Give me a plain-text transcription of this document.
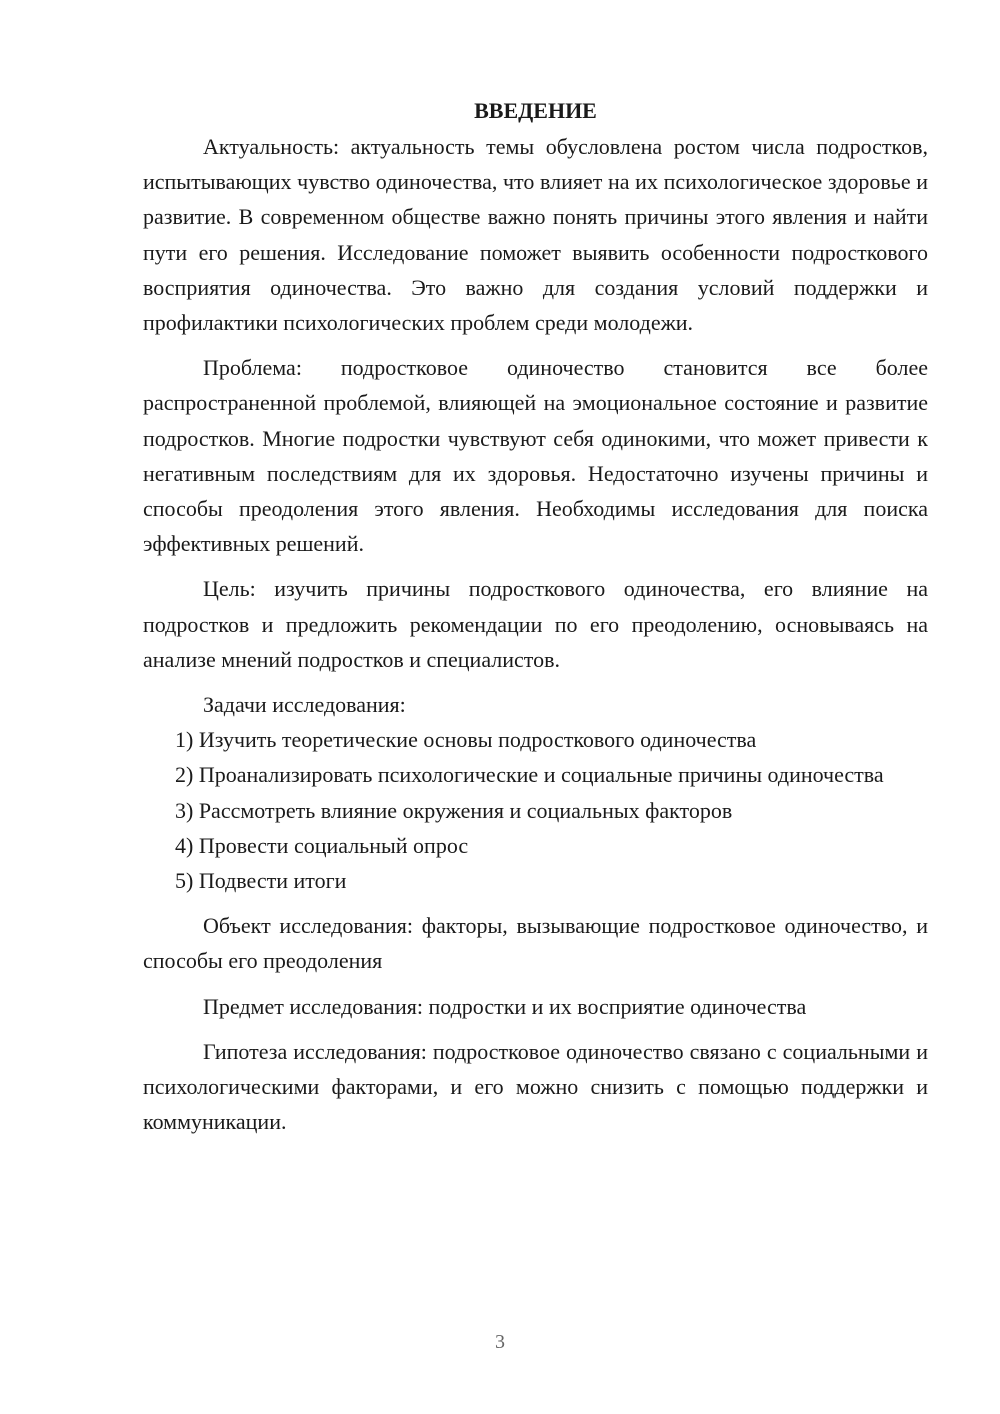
ВВЕДЕНИЕ

Актуальность: актуальность темы обусловлена ростом числа подростков, испытывающих чувство одиночества, что влияет на их психологическое здоровье и развитие. В современном обществе важно понять причины этого явления и найти пути его решения. Исследование поможет выявить особенности подросткового восприятия одиночества. Это важно для создания условий поддержки и профилактики психологических проблем среди молодежи.

Проблема: подростковое одиночество становится все более распространенной проблемой, влияющей на эмоциональное состояние и развитие подростков. Многие подростки чувствуют себя одинокими, что может привести к негативным последствиям для их здоровья. Недостаточно изучены причины и способы преодоления этого явления. Необходимы исследования для поиска эффективных решений.

Цель: изучить причины подросткового одиночества, его влияние на подростков и предложить рекомендации по его преодолению, основываясь на анализе мнений подростков и специалистов.

Задачи исследования:

1) Изучить теоретические основы подросткового одиночества

2) Проанализировать психологические и социальные причины одиночества

3) Рассмотреть влияние окружения и социальных факторов

4) Провести социальный опрос

5) Подвести итоги

Объект исследования: факторы, вызывающие подростковое одиночество, и способы его преодоления

Предмет исследования: подростки и их восприятие одиночества

Гипотеза исследования: подростковое одиночество связано с социальными и психологическими факторами, и его можно снизить с помощью поддержки и коммуникации.

3
